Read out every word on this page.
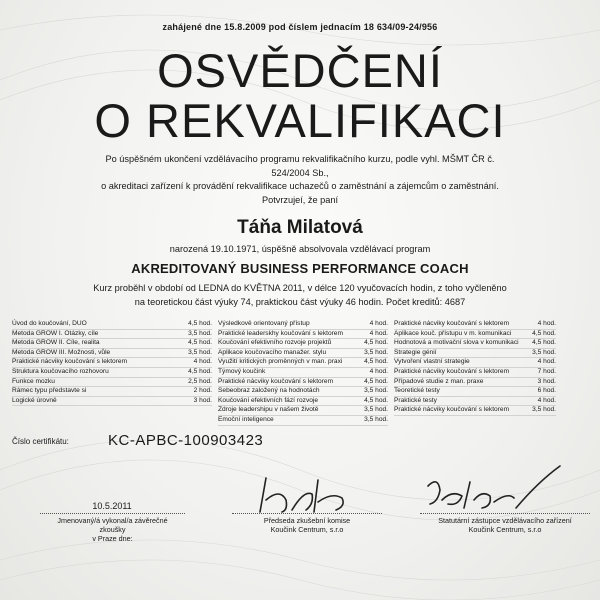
zahájené dne 15.8.2009 pod číslem jednacím 18 634/09-24/956
OSVĚDČENÍ
O REKVALIFIKACI
Po úspěšném ukončení vzdělávacího programu rekvalifikačního kurzu, podle vyhl. MŠMT ČR č.
524/2004 Sb.,
o akreditaci zařízení k provádění rekvalifikace uchazečů o zaměstnání a zájemcům o zaměstnání.
Potvrzujeí, že paní
Táňa Milatová
narozená 19.10.1971, úspěšně absolvovala vzdělávací program
AKREDITOVANÝ BUSINESS PERFORMANCE COACH
Kurz proběhl v období od LEDNA do KVĚTNA 2011, v délce 120 vyučovacích hodin, z toho vyčleněno
na teoretickou část výuky 74, praktickou část výuky 46 hodin. Počet kreditů: 4687
Úvod do koučování, DUO	4,5 hod.
Metoda GROW I. Otázky, cíle	3,5 hod.
Metoda GROW II. Cíle, realita	4,5 hod.
Metoda GROW III. Možnosti, vůle	3,5 hod.
Praktické nácviky koučování s lektorem	4 hod.
Struktura koučovacího rozhovoru	4,5 hod.
Funkce mozku	2,5 hod.
Rámec typu představte si	2 hod.
Logické úrovně	3 hod.
Výsledkově orientovaný přístup	4 hod.
Praktické leaderskhy koučování s lektorem	4 hod.
Koučování efektivního rozvoje projektů	4,5 hod.
Aplikace koučovacího manažer. stylu	3,5 hod.
Využití kritických proměnných v man. praxi	4,5 hod.
Týmový koučink	4 hod.
Praktické nácviky koučování s lektorem	4,5 hod.
Sebeobraz založený na hodnotách	3,5 hod.
Koučování efektivních fází rozvoje	4,5 hod.
Zdroje leadershipu v našem životě	3,5 hod.
Emoční inteligence	3,5 hod.
Praktické nácviky koučování s lektorem	4 hod.
Aplikace kouč. přístupu v m. komunikaci	4,5 hod.
Hodnotová a motivační slova v komunikaci	4,5 hod.
Strategie génií	3,5 hod.
Vytvoření vlastní strategie	4 hod.
Praktické nácviky koučování s lektorem	7 hod.
Případové studie z man. praxe	3 hod.
Teoretické testy	6 hod.
Praktické testy	4 hod.
Praktické nácviky koučování s lektorem	3,5 hod.
Číslo certifikátu:	KC-APBC-100903423
10.5.2011
Jmenovaný/á vykonal/a závěrečné
zkoušky
v Praze dne:
Předseda zkušební komise
Koučink Centrum, s.r.o
Statutární zástupce vzdělávacího zařízení
Koučink Centrum, s.r.o
